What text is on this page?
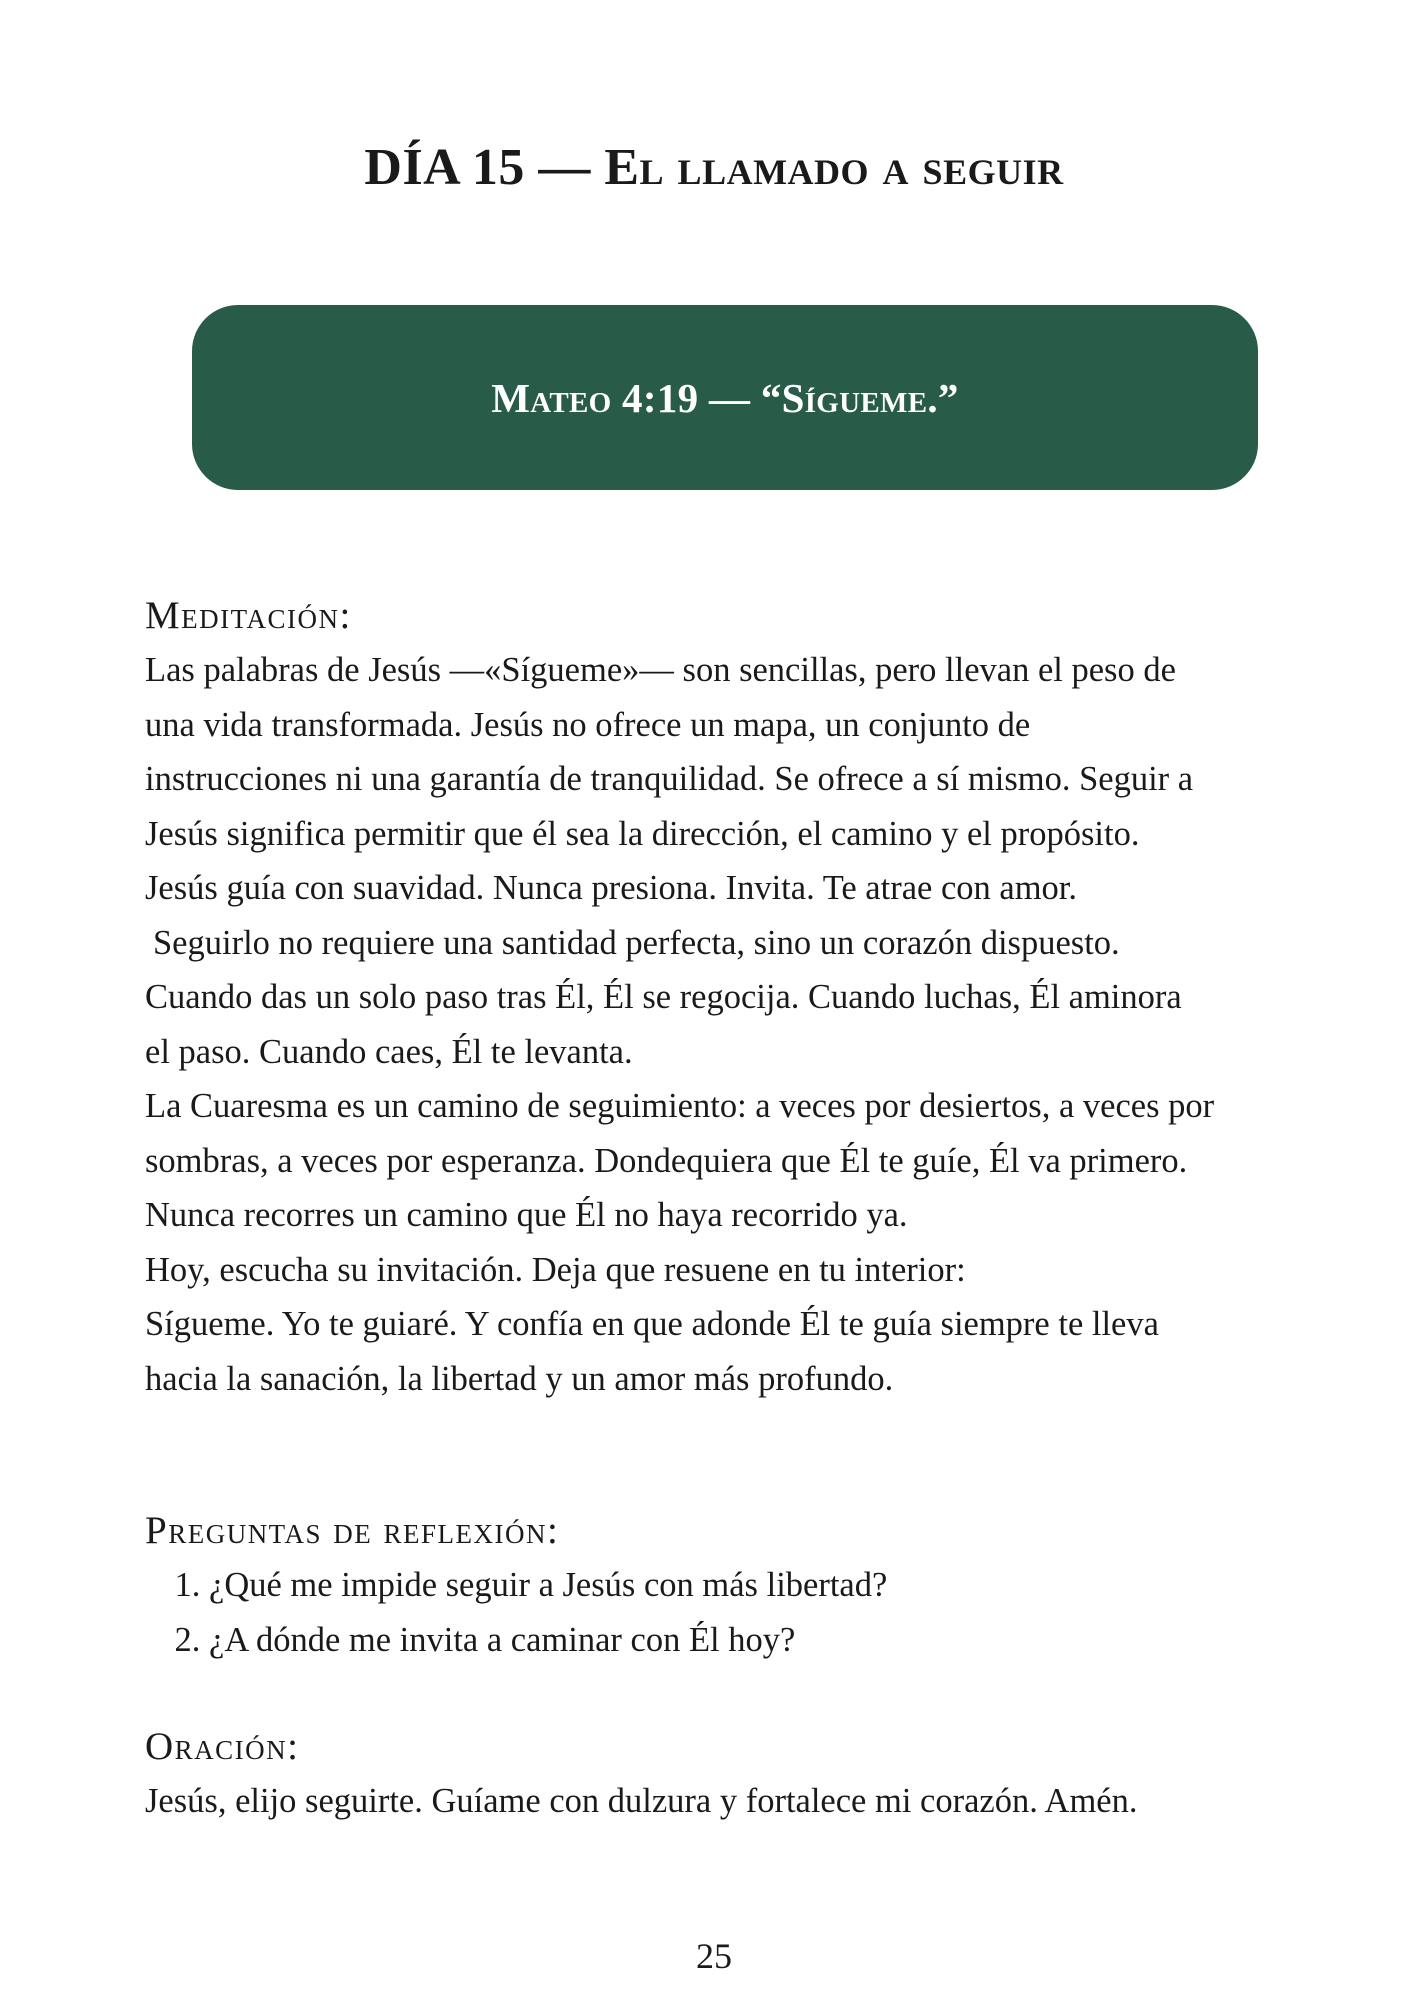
DÍA 15 — El llamado a seguir
Mateo 4:19 — “Sígueme.”

Meditación:

Las palabras de Jesús —«Sígueme»— son sencillas, pero llevan el peso de

una vida transformada. Jesús no ofrece un mapa, un conjunto de

instrucciones ni una garantía de tranquilidad. Se ofrece a sí mismo. Seguir a

Jesús significa permitir que él sea la dirección, el camino y el propósito.

Jesús guía con suavidad. Nunca presiona. Invita. Te atrae con amor.

Seguirlo no requiere una santidad perfecta, sino un corazón dispuesto.

Cuando das un solo paso tras Él, Él se regocija. Cuando luchas, Él aminora

el paso. Cuando caes, Él te levanta.

La Cuaresma es un camino de seguimiento: a veces por desiertos, a veces por

sombras, a veces por esperanza. Dondequiera que Él te guíe, Él va primero.

Nunca recorres un camino que Él no haya recorrido ya.

Hoy, escucha su invitación. Deja que resuene en tu interior:

Sígueme. Yo te guiaré. Y confía en que adonde Él te guía siempre te lleva

hacia la sanación, la libertad y un amor más profundo.

Preguntas de reflexión:

1. ¿Qué me impide seguir a Jesús con más libertad?
2. ¿A dónde me invita a caminar con Él hoy?

Oración:

Jesús, elijo seguirte. Guíame con dulzura y fortalece mi corazón. Amén.

25
